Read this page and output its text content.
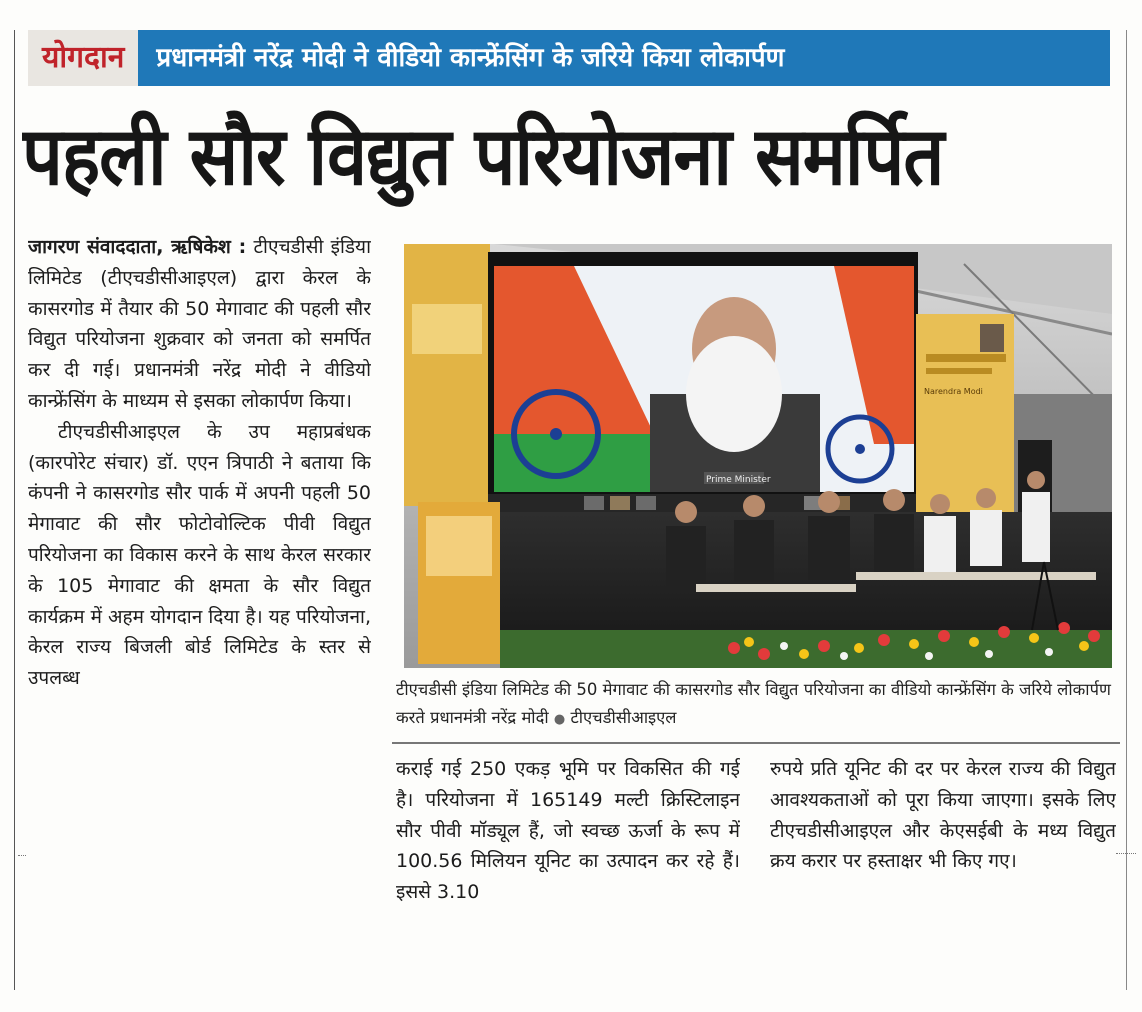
योगदान	प्रधानमंत्री नरेंद्र मोदी ने वीडियो कान्फ्रेंसिंग के जरिये किया लोकार्पण
पहली सौर विद्युत परियोजना समर्पित

जागरण संवाददाता, ऋषिकेश : टीएचडीसी इंडिया लिमिटेड (टीएचडीसीआइएल) द्वारा केरल के कासरगोड में तैयार की 50 मेगावाट की पहली सौर विद्युत परियोजना शुक्रवार को जनता को समर्पित कर दी गई। प्रधानमंत्री नरेंद्र मोदी ने वीडियो कान्फ्रेंसिंग के माध्यम से इसका लोकार्पण किया।

टीएचडीसीआइएल के उप महाप्रबंधक (कारपोरेट संचार) डॉ. एएन त्रिपाठी ने बताया कि कंपनी ने कासरगोड सौर पार्क में अपनी पहली 50 मेगावाट की सौर फोटोवोल्टिक पीवी विद्युत परियोजना का विकास करने के साथ केरल सरकार के 105 मेगावाट की क्षमता के सौर विद्युत कार्यक्रम में अहम योगदान दिया है। यह परियोजना, केरल राज्य बिजली बोर्ड लिमिटेड के स्तर से उपलब्ध

Prime Minister
Narendra Modi
टीएचडीसी इंडिया लिमिटेड की 50 मेगावाट की कासरगोड सौर विद्युत परियोजना का वीडियो कान्फ्रेंसिंग के जरिये लोकार्पण करते प्रधानमंत्री नरेंद्र मोदी ● टीएचडीसीआइएल

कराई गई 250 एकड़ भूमि पर विकसित की गई है। परियोजना में 165149 मल्टी क्रिस्टिलाइन सौर पीवी मॉड्यूल हैं, जो स्वच्छ ऊर्जा के रूप में 100.56 मिलियन यूनिट का उत्पादन कर रहे हैं। इससे 3.10

रुपये प्रति यूनिट की दर पर केरल राज्य की विद्युत आवश्यकताओं को पूरा किया जाएगा। इसके लिए टीएचडीसीआइएल और केएसईबी के मध्य विद्युत क्रय करार पर हस्ताक्षर भी किए गए।
